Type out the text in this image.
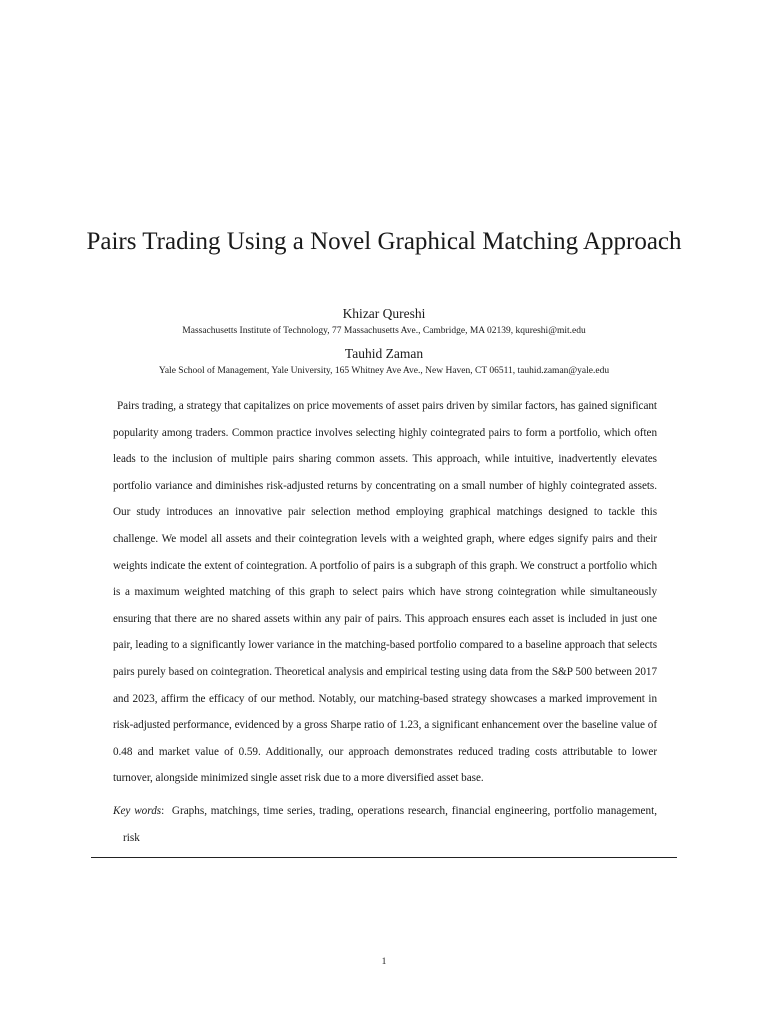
Pairs Trading Using a Novel Graphical Matching Approach
Khizar Qureshi
Massachusetts Institute of Technology, 77 Massachusetts Ave., Cambridge, MA 02139, kqureshi@mit.edu
Tauhid Zaman
Yale School of Management, Yale University, 165 Whitney Ave Ave., New Haven, CT 06511, tauhid.zaman@yale.edu

Pairs trading, a strategy that capitalizes on price movements of asset pairs driven by similar factors, has gained significant popularity among traders. Common practice involves selecting highly cointegrated pairs to form a portfolio, which often leads to the inclusion of multiple pairs sharing common assets. This approach, while intuitive, inadvertently elevates portfolio variance and diminishes risk-adjusted returns by concentrating on a small number of highly cointegrated assets. Our study introduces an innovative pair selection method employing graphical matchings designed to tackle this challenge. We model all assets and their cointegration levels with a weighted graph, where edges signify pairs and their weights indicate the extent of cointegration. A portfolio of pairs is a subgraph of this graph. We construct a portfolio which is a maximum weighted matching of this graph to select pairs which have strong cointegration while simultaneously ensuring that there are no shared assets within any pair of pairs. This approach ensures each asset is included in just one pair, leading to a significantly lower variance in the matching-based portfolio compared to a baseline approach that selects pairs purely based on cointegration. Theoretical analysis and empirical testing using data from the S&P 500 between 2017 and 2023, affirm the efficacy of our method. Notably, our matching-based strategy showcases a marked improvement in risk-adjusted performance, evidenced by a gross Sharpe ratio of 1.23, a significant enhancement over the baseline value of 0.48 and market value of 0.59. Additionally, our approach demonstrates reduced trading costs attributable to lower turnover, alongside minimized single asset risk due to a more diversified asset base.

Key words: Graphs, matchings, time series, trading, operations research, financial engineering, portfolio management, risk

1
